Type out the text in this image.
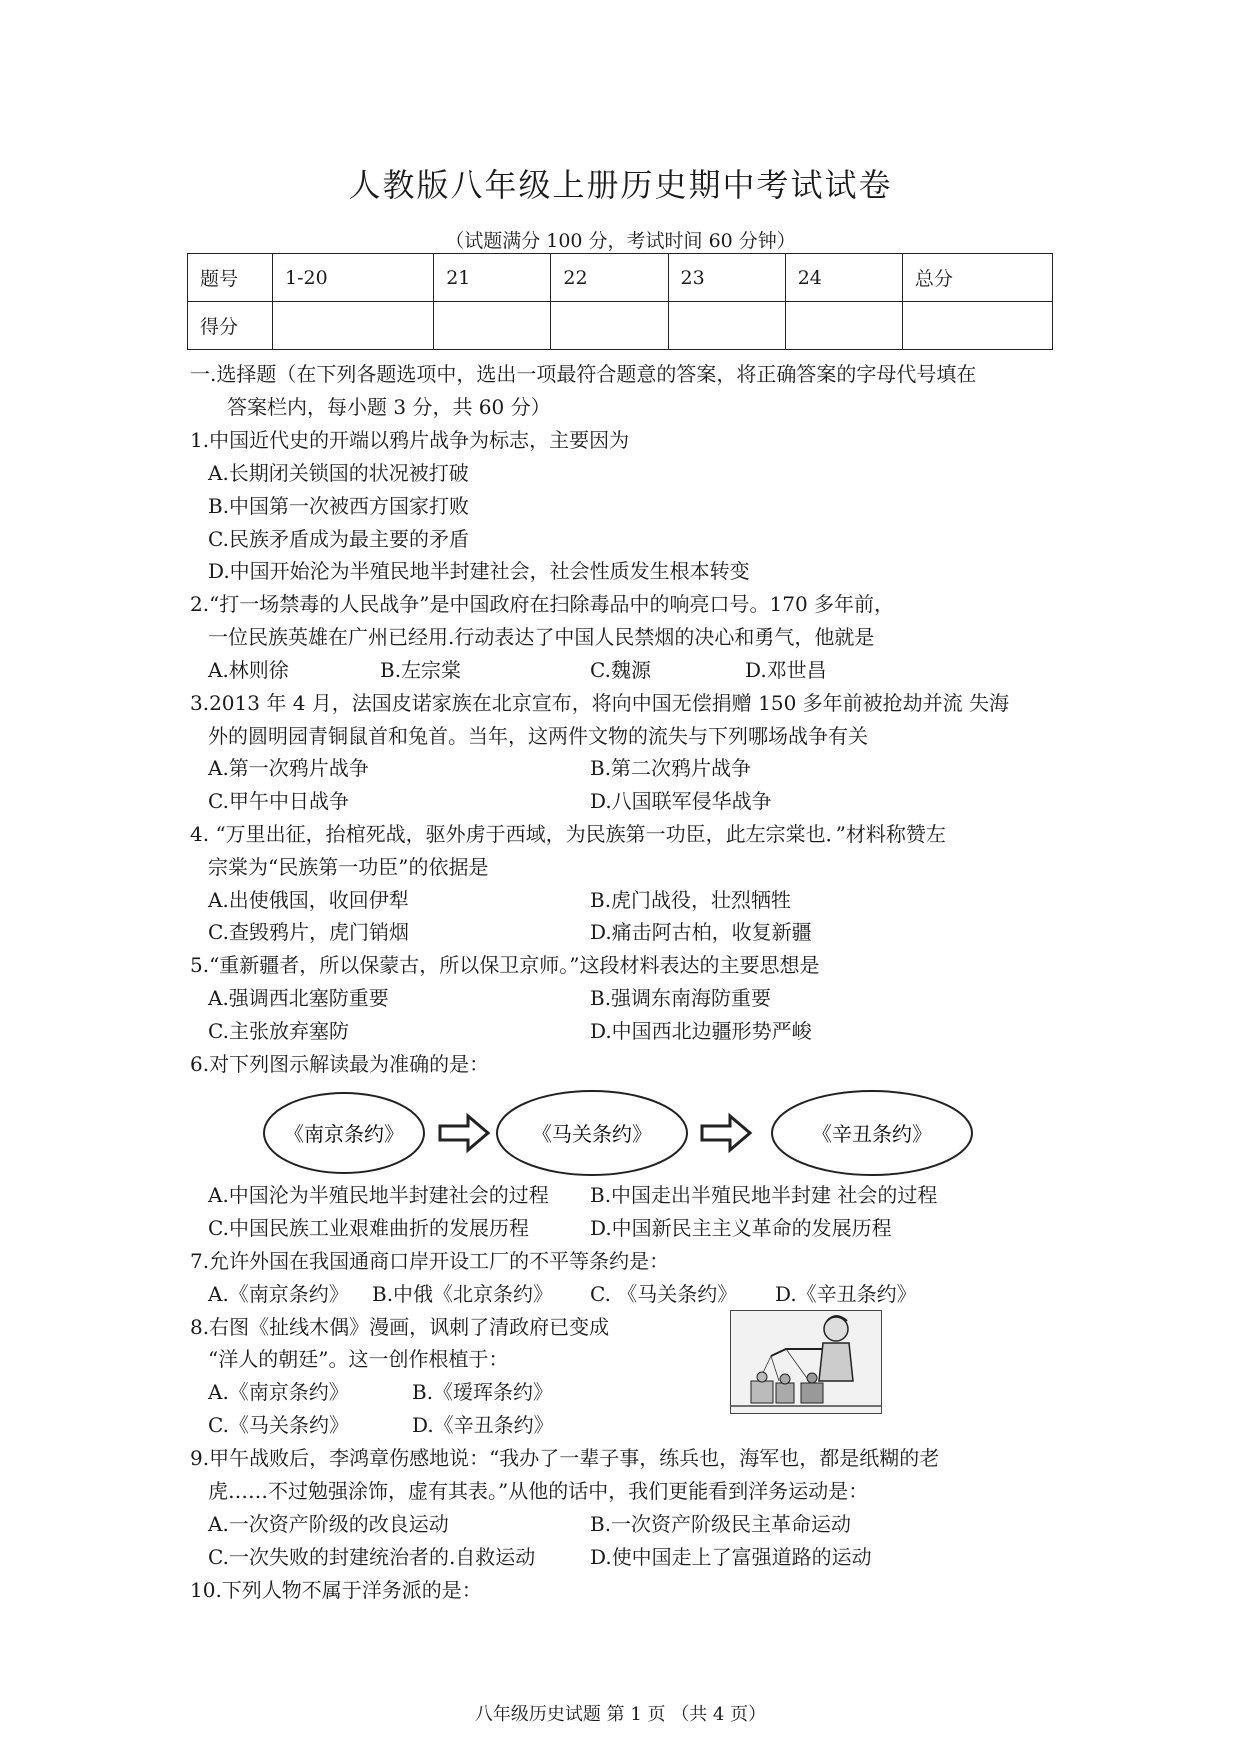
人教版八年级上册历史期中考试试卷
（试题满分 100 分，考试时间 60 分钟）
题号	1-20	21	22	23	24	总分
得分						
一.选择题（在下列各题选项中，选出一项最符合题意的答案，将正确答案的字母代号填在
答案栏内，每小题 3 分，共 60 分）
1.中国近代史的开端以鸦片战争为标志，主要因为
A.长期闭关锁国的状况被打破
B.中国第一次被西方国家打败
C.民族矛盾成为最主要的矛盾
D.中国开始沦为半殖民地半封建社会，社会性质发生根本转变
2.“打一场禁毒的人民战争”是中国政府在扫除毒品中的响亮口号。170 多年前，
一位民族英雄在广州已经用.行动表达了中国人民禁烟的决心和勇气，他就是
A.林则徐	B.左宗棠	C.魏源	D.邓世昌
3.2013 年 4 月，法国皮诺家族在北京宣布，将向中国无偿捐赠 150 多年前被抢劫并流 失海
外的圆明园青铜鼠首和兔首。当年，这两件文物的流失与下列哪场战争有关
A.第一次鸦片战争	B.第二次鸦片战争
C.甲午中日战争	D.八国联军侵华战争
4. “万里出征，抬棺死战，驱外虏于西域，为民族第一功臣，此左宗棠也．”材料称赞左
宗棠为“民族第一功臣”的依据是
A.出使俄国，收回伊犁	B.虎门战役，壮烈牺牲
C.查毁鸦片，虎门销烟	D.痛击阿古柏，收复新疆
5.“重新疆者，所以保蒙古，所以保卫京师。”这段材料表达的主要思想是
A.强调西北塞防重要	B.强调东南海防重要
C.主张放弃塞防	D.中国西北边疆形势严峻
6.对下列图示解读最为准确的是：
《南京条约》	《马关条约》	《辛丑条约》
A.中国沦为半殖民地半封建社会的过程 B.中国走出半殖民地半封建 社会的过程
C.中国民族工业艰难曲折的发展历程	D.中国新民主主义革命的发展历程
7.允许外国在我国通商口岸开设工厂的不平等条约是：
A.《南京条约》 B.中俄《北京条约》 C. 《马关条约》 D.《辛丑条约》
8.右图《扯线木偶》漫画，讽刺了清政府已变成
“洋人的朝廷”。这一创作根植于：
A.《南京条约》	B.《瑷珲条约》
C.《马关条约》	D.《辛丑条约》
9.甲午战败后，李鸿章伤感地说：“我办了一辈子事，练兵也，海军也，都是纸糊的老
虎……不过勉强涂饰，虚有其表。”从他的话中，我们更能看到洋务运动是：
A.一次资产阶级的改良运动	B.一次资产阶级民主革命运动
C.一次失败的封建统治者的.自救运动	D.使中国走上了富强道路的运动
10.下列人物不属于洋务派的是：
八年级历史试题 第 1 页 （共 4 页）
